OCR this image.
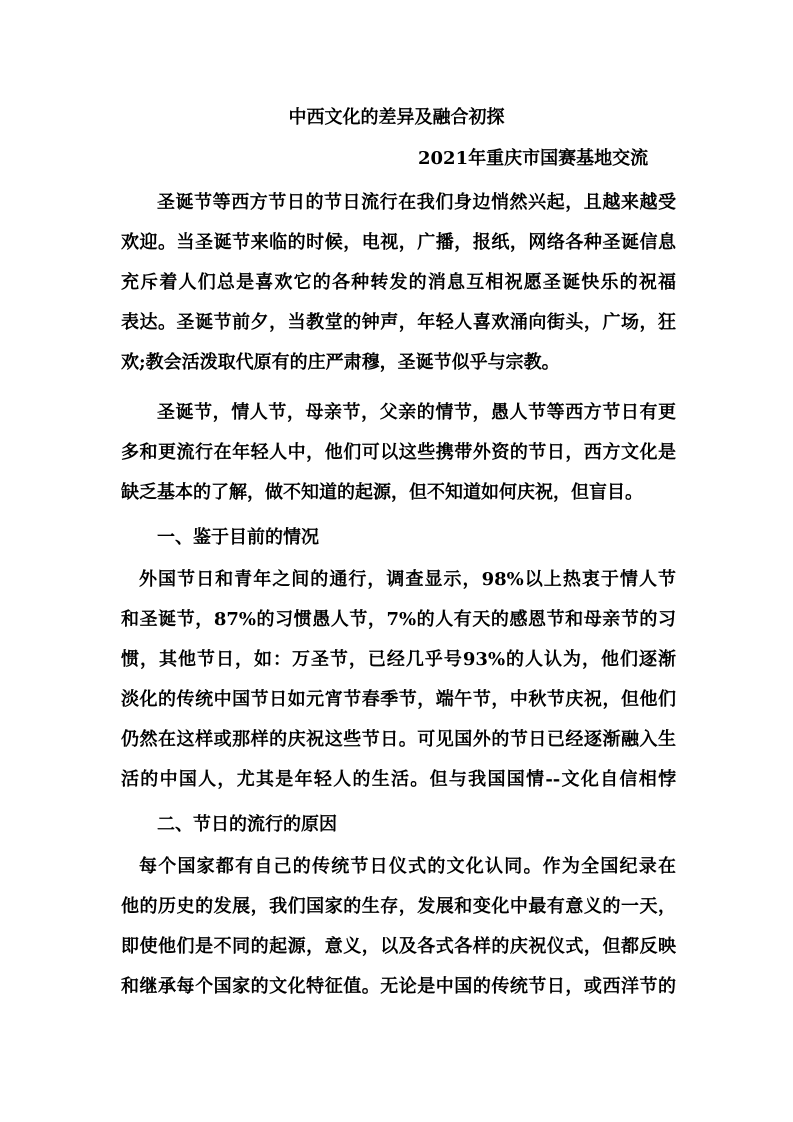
中西文化的差异及融合初探
2021年重庆市国赛基地交流
圣诞节等西方节日的节日流行在我们身边悄然兴起，且越来越受
欢迎。当圣诞节来临的时候，电视，广播，报纸，网络各种圣诞信息
充斥着人们总是喜欢它的各种转发的消息互相祝愿圣诞快乐的祝福
表达。圣诞节前夕，当教堂的钟声，年轻人喜欢涌向街头，广场，狂
欢;教会活泼取代原有的庄严肃穆，圣诞节似乎与宗教。
圣诞节，情人节，母亲节，父亲的情节，愚人节等西方节日有更
多和更流行在年轻人中，他们可以这些携带外资的节日，西方文化是
缺乏基本的了解，做不知道的起源，但不知道如何庆祝，但盲目。
一、鉴于目前的情况
外国节日和青年之间的通行，调查显示，98%以上热衷于情人节
和圣诞节，87%的习惯愚人节，7%的人有天的感恩节和母亲节的习
惯，其他节日，如：万圣节，已经几乎号93%的人认为，他们逐渐
淡化的传统中国节日如元宵节春季节，端午节，中秋节庆祝，但他们
仍然在这样或那样的庆祝这些节日。可见国外的节日已经逐渐融入生
活的中国人，尤其是年轻人的生活。但与我国国情--文化自信相悖
二、节日的流行的原因
每个国家都有自己的传统节日仪式的文化认同。作为全国纪录在
他的历史的发展，我们国家的生存，发展和变化中最有意义的一天，
即使他们是不同的起源，意义，以及各式各样的庆祝仪式，但都反映
和继承每个国家的文化特征值。无论是中国的传统节日，或西洋节的
